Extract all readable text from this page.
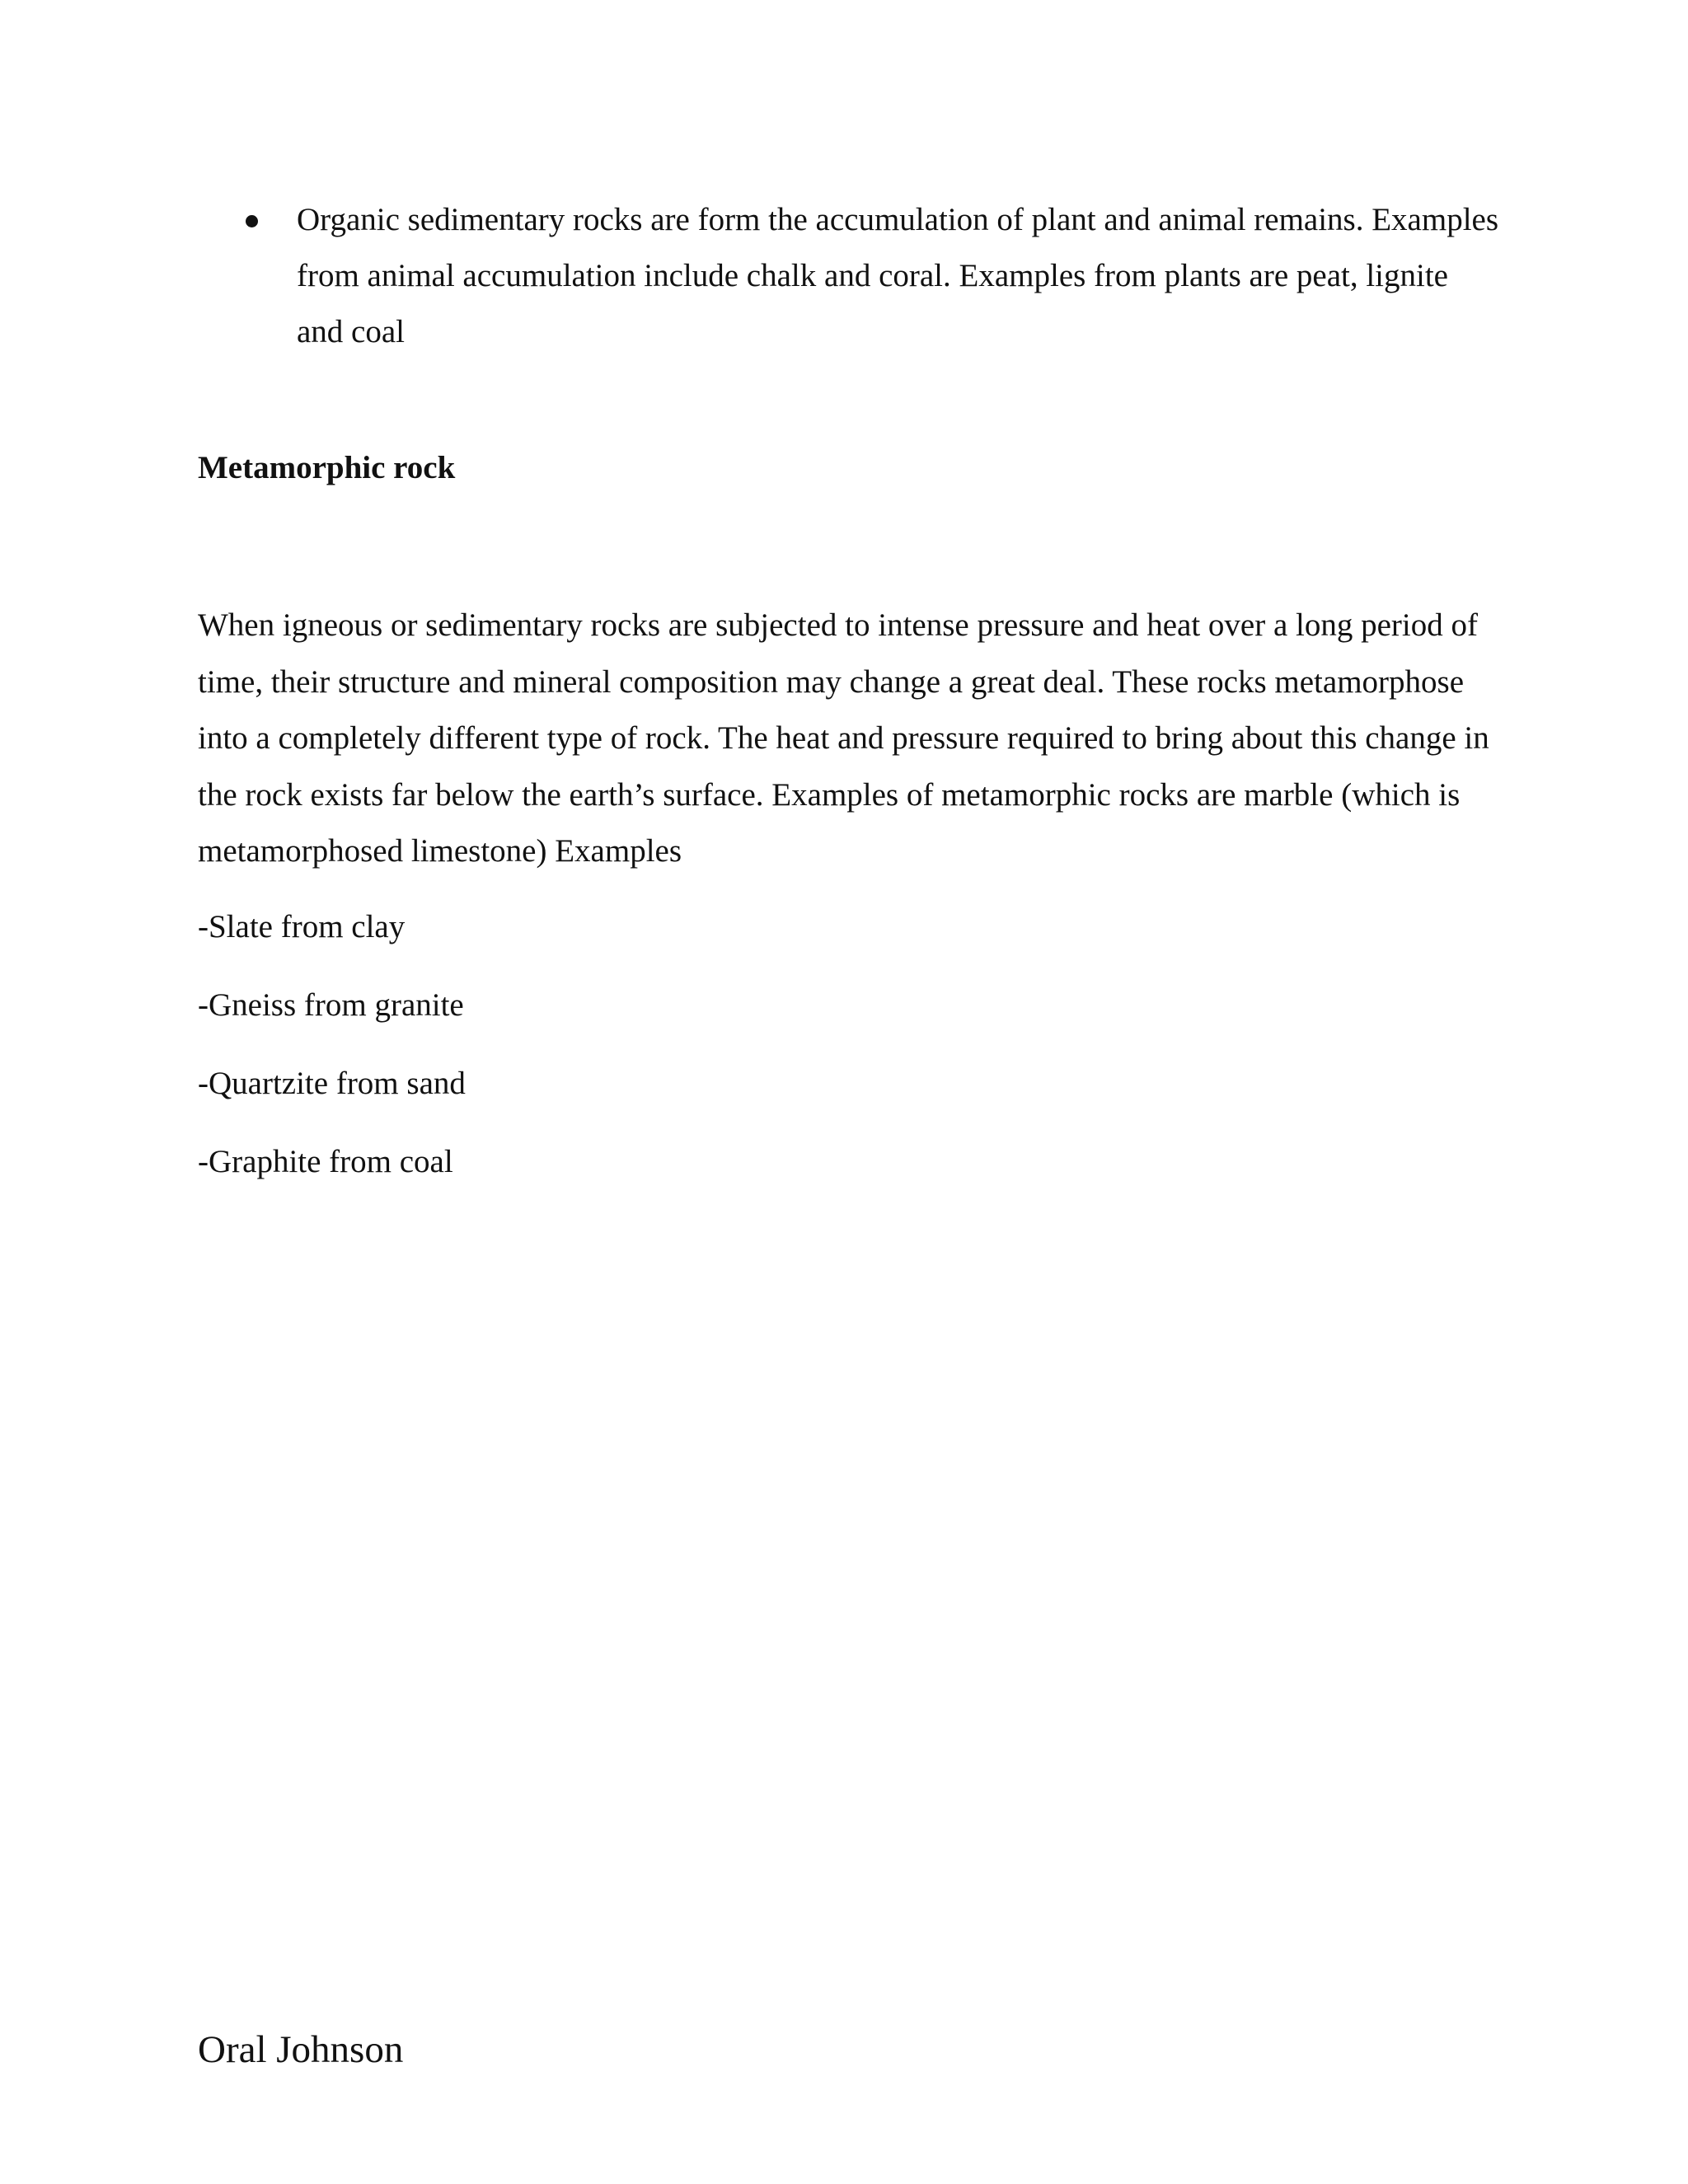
Organic sedimentary rocks are form the accumulation of plant and animal remains. Examples from animal accumulation include chalk and coral. Examples from plants are peat, lignite and coal

Metamorphic rock

When igneous or sedimentary rocks are subjected to intense pressure and heat over a long period of time, their structure and mineral composition may change a great deal. These rocks metamorphose into a completely different type of rock. The heat and pressure required to bring about this change in the rock exists far below the earth’s surface. Examples of metamorphic rocks are marble (which is metamorphosed limestone) Examples

-Slate from clay

-Gneiss from granite

-Quartzite from sand

-Graphite from coal

Oral Johnson
